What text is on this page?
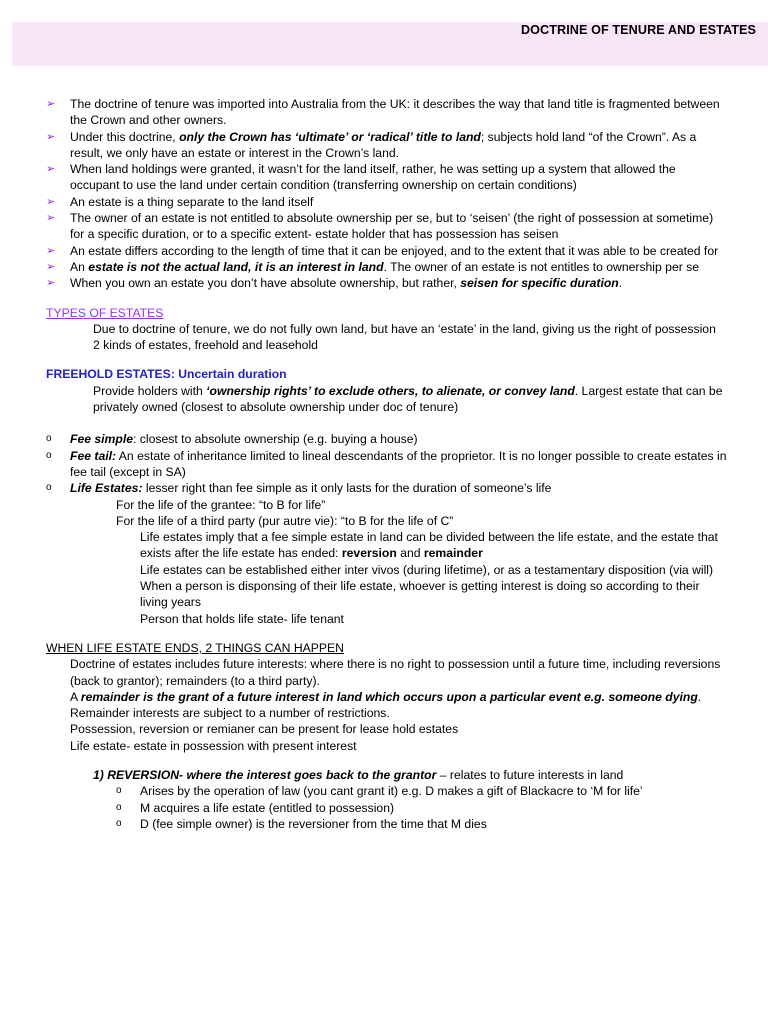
DOCTRINE OF TENURE AND ESTATES
➢ The doctrine of tenure was imported into Australia from the UK: it describes the way that land title is fragmented between the Crown and other owners.
➢ Under this doctrine, only the Crown has ‘ultimate’ or ‘radical’ title to land; subjects hold land “of the Crown”. As a result, we only have an estate or interest in the Crown’s land.
➢ When land holdings were granted, it wasn’t for the land itself, rather, he was setting up a system that allowed the occupant to use the land under certain condition (transferring ownership on certain conditions)
➢ An estate is a thing separate to the land itself
➢ The owner of an estate is not entitled to absolute ownership per se, but to ‘seisen’ (the right of possession at sometime) for a specific duration, or to a specific extent- estate holder that has possession has seisen
➢ An estate differs according to the length of time that it can be enjoyed, and to the extent that it was able to be created for
➢ An estate is not the actual land, it is an interest in land. The owner of an estate is not entitles to ownership per se
➢ When you own an estate you don’t have absolute ownership, but rather, seisen for specific duration.
TYPES OF ESTATES
Due to doctrine of tenure, we do not fully own land, but have an ‘estate’ in the land, giving us the right of possession
2 kinds of estates, freehold and leasehold
FREEHOLD ESTATES: Uncertain duration
Provide holders with ‘ownership rights’ to exclude others, to alienate, or convey land. Largest estate that can be privately owned (closest to absolute ownership under doc of tenure)
o Fee simple: closest to absolute ownership (e.g. buying a house)
o Fee tail: An estate of inheritance limited to lineal descendants of the proprietor. It is no longer possible to create estates in fee tail (except in SA)
o Life Estates: lesser right than fee simple as it only lasts for the duration of someone’s life
For the life of the grantee: “to B for life”
For the life of a third party (pur autre vie): “to B for the life of C”
Life estates imply that a fee simple estate in land can be divided between the life estate, and the estate that exists after the life estate has ended: reversion and remainder
Life estates can be established either inter vivos (during lifetime), or as a testamentary disposition (via will)
When a person is disponsing of their life estate, whoever is getting interest is doing so according to their living years
Person that holds life state- life tenant
WHEN LIFE ESTATE ENDS, 2 THINGS CAN HAPPEN
Doctrine of estates includes future interests: where there is no right to possession until a future time, including reversions (back to grantor); remainders (to a third party).
A remainder is the grant of a future interest in land which occurs upon a particular event e.g. someone dying. Remainder interests are subject to a number of restrictions.
Possession, reversion or remianer can be present for lease hold estates
Life estate- estate in possession with present interest
1) REVERSION- where the interest goes back to the grantor – relates to future interests in land
o Arises by the operation of law (you cant grant it) e.g. D makes a gift of Blackacre to ‘M for life’
o M acquires a life estate (entitled to possession)
o D (fee simple owner) is the reversioner from the time that M dies
